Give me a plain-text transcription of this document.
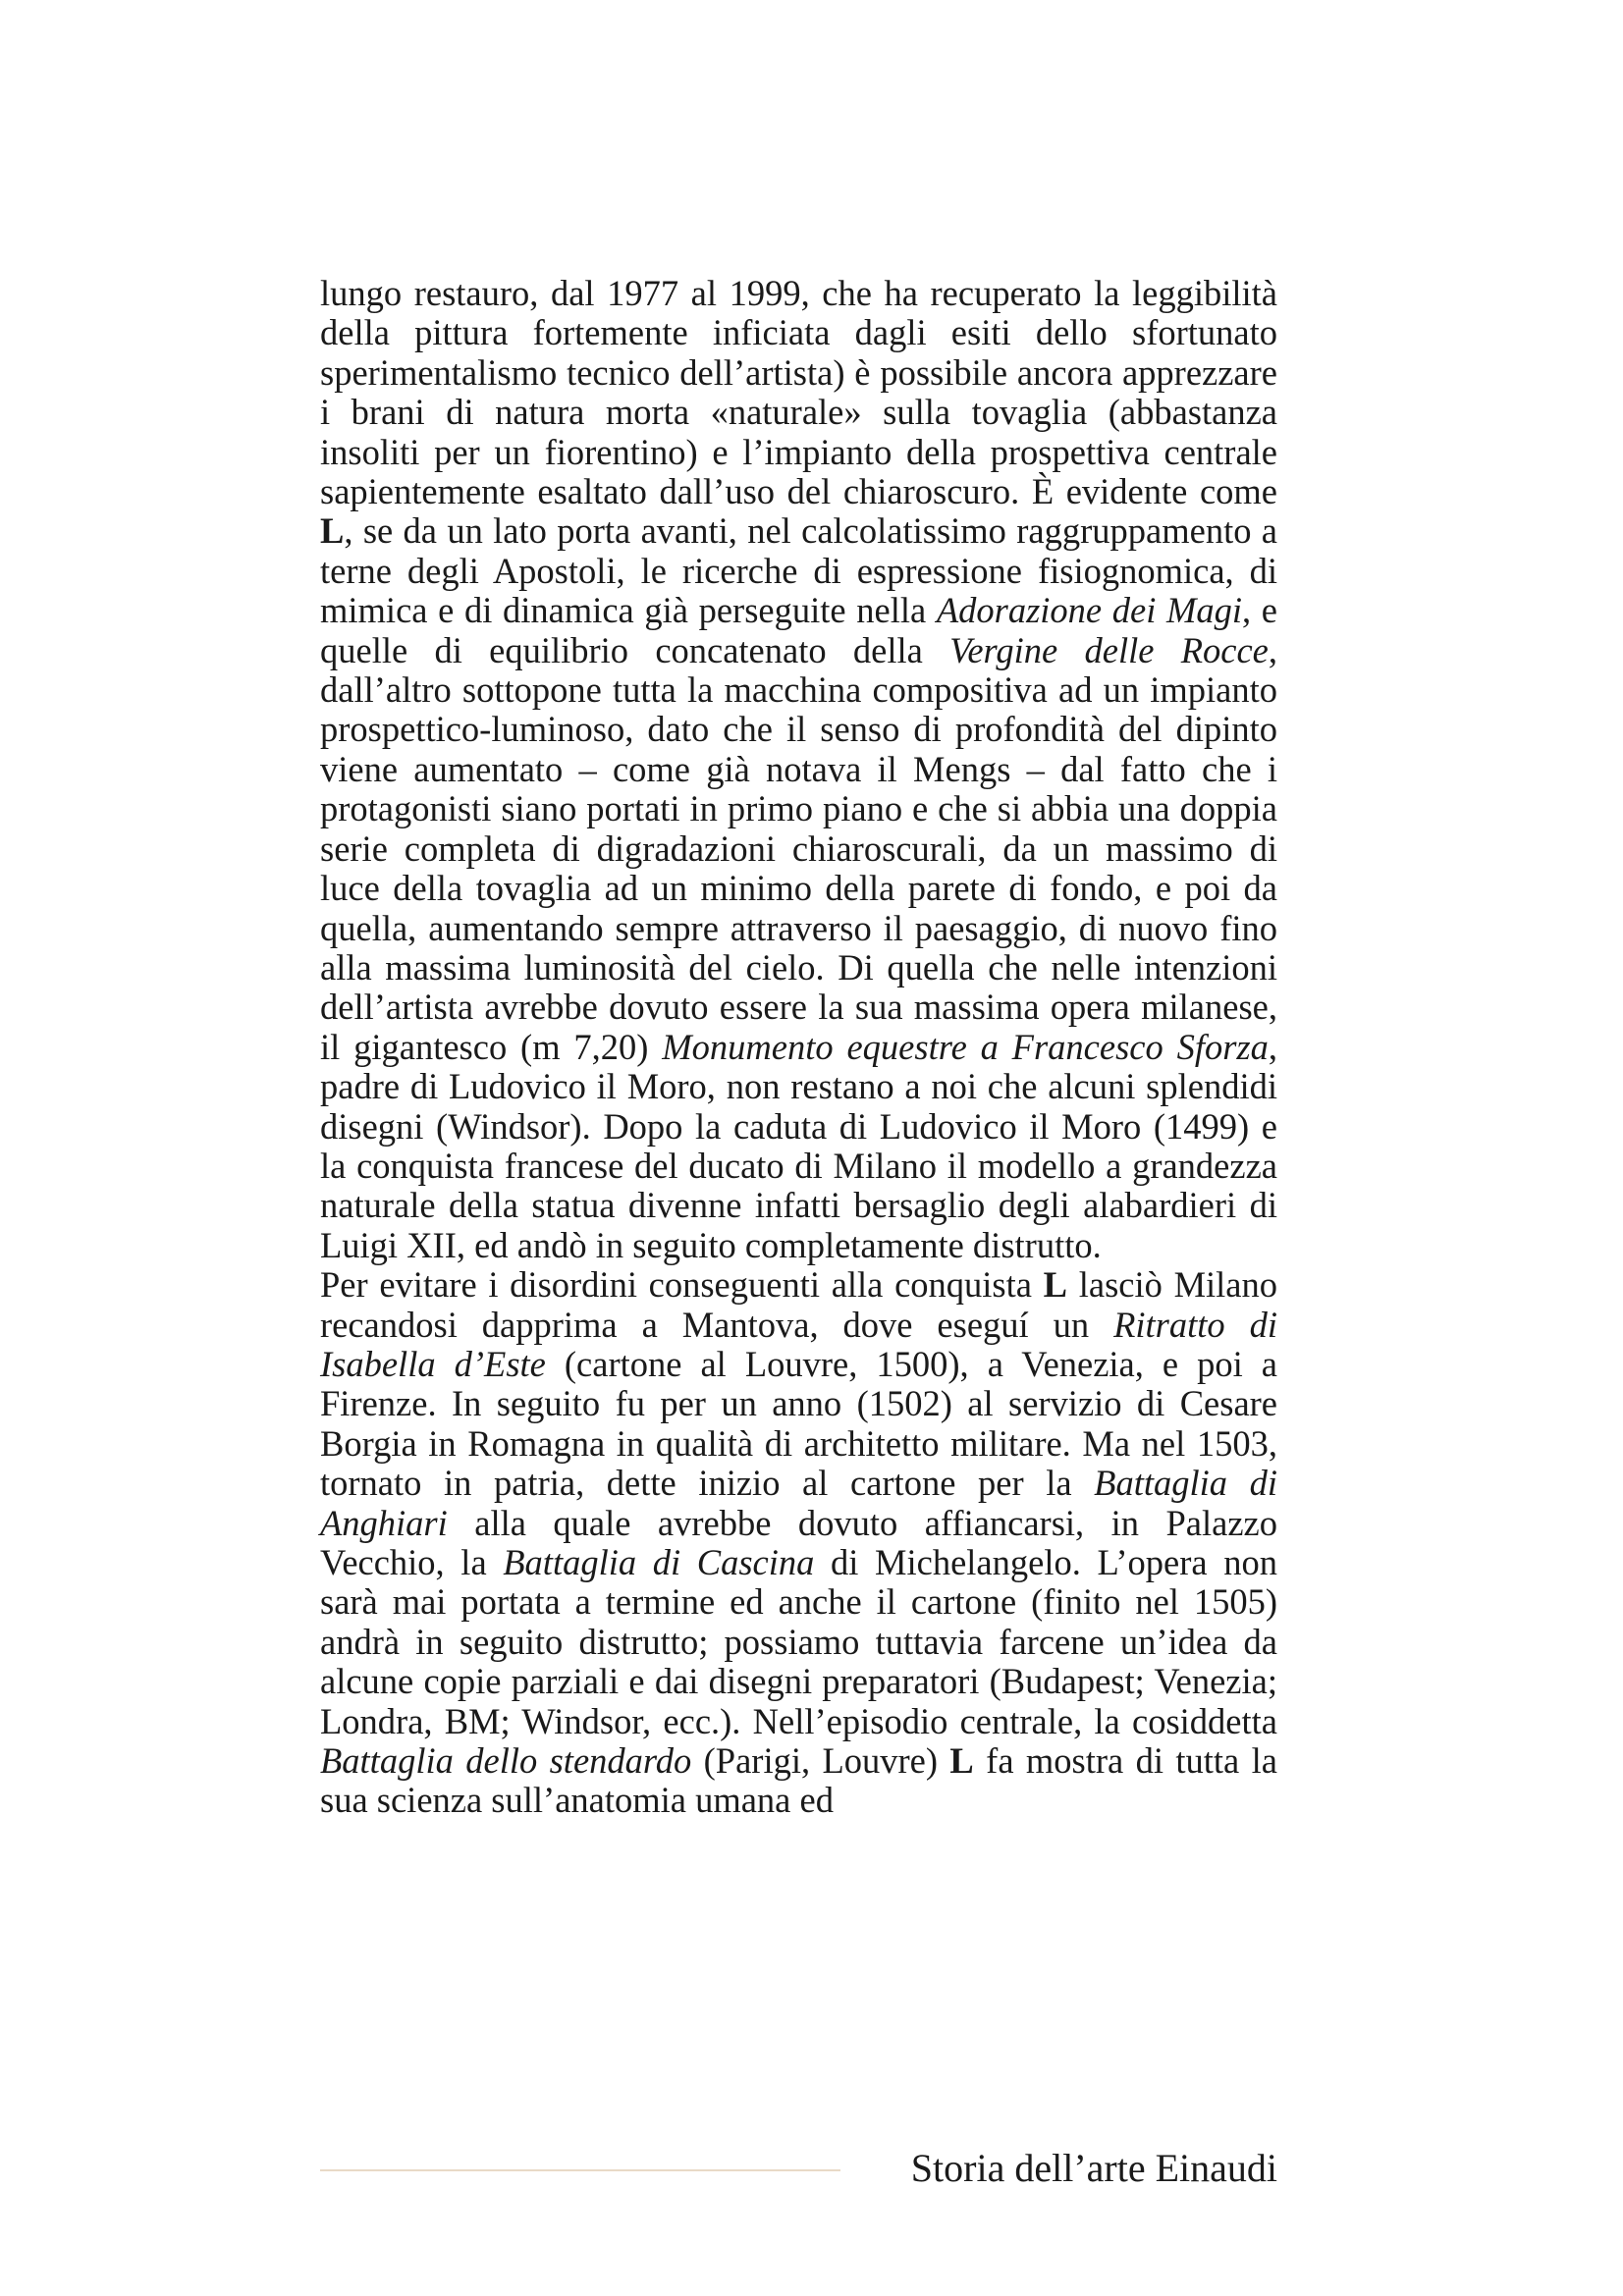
lungo restauro, dal 1977 al 1999, che ha recuperato la leggibilità della pittura fortemente inficiata dagli esiti dello sfortunato sperimentalismo tecnico dell’artista) è possibile ancora apprezzare i brani di natura morta «naturale» sulla tovaglia (abbastanza insoliti per un fiorentino) e l’impianto della prospettiva centrale sapientemente esaltato dall’uso del chiaroscuro. È evidente come L, se da un lato porta avanti, nel calcolatissimo raggruppamento a terne degli Apostoli, le ricerche di espressione fisiognomica, di mimica e di dinamica già perseguite nella Adorazione dei Magi, e quelle di equilibrio concatenato della Vergine delle Rocce, dall’altro sottopone tutta la macchina compositiva ad un impianto prospettico-luminoso, dato che il senso di profondità del dipinto viene aumentato – come già notava il Mengs – dal fatto che i protagonisti siano portati in primo piano e che si abbia una doppia serie completa di digradazioni chiaroscurali, da un massimo di luce della tovaglia ad un minimo della parete di fondo, e poi da quella, aumentando sempre attraverso il paesaggio, di nuovo fino alla massima luminosità del cielo. Di quella che nelle intenzioni dell’artista avrebbe dovuto essere la sua massima opera milanese, il gigantesco (m 7,20) Monumento equestre a Francesco Sforza, padre di Ludovico il Moro, non restano a noi che alcuni splendidi disegni (Windsor). Dopo la caduta di Ludovico il Moro (1499) e la conquista francese del ducato di Milano il modello a grandezza naturale della statua divenne infatti bersaglio degli alabardieri di Luigi XII, ed andò in seguito completamente distrutto.

Per evitare i disordini conseguenti alla conquista L lasciò Milano recandosi dapprima a Mantova, dove eseguí un Ritratto di Isabella d’Este (cartone al Louvre, 1500), a Venezia, e poi a Firenze. In seguito fu per un anno (1502) al servizio di Cesare Borgia in Romagna in qualità di architetto militare. Ma nel 1503, tornato in patria, dette inizio al cartone per la Battaglia di Anghiari alla quale avrebbe dovuto affiancarsi, in Palazzo Vecchio, la Battaglia di Cascina di Michelangelo. L’opera non sarà mai portata a termine ed anche il cartone (finito nel 1505) andrà in seguito distrutto; possiamo tuttavia farcene un’idea da alcune copie parziali e dai disegni preparatori (Budapest; Venezia; Londra, BM; Windsor, ecc.). Nell’episodio centrale, la cosiddetta Battaglia dello stendardo (Parigi, Louvre) L fa mostra di tutta la sua scienza sull’anatomia umana ed

Storia dell’arte Einaudi
